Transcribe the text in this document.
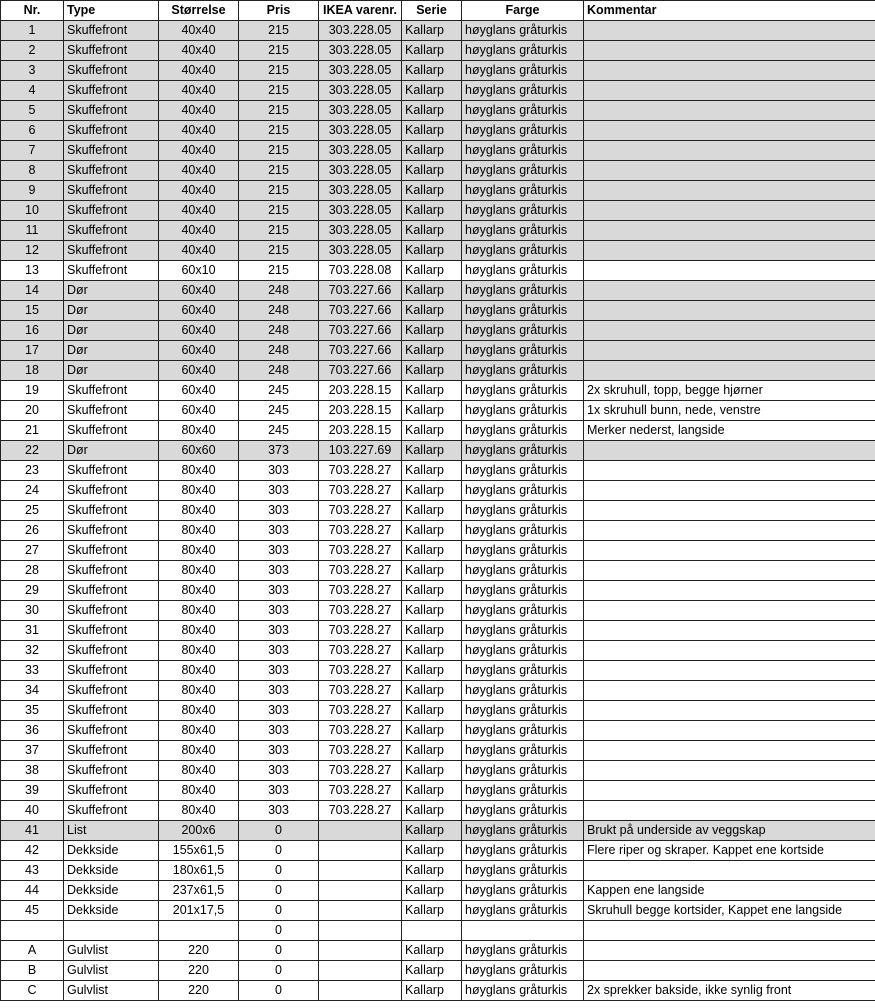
Nr.	Type	Størrelse	Pris	IKEA varenr.	Serie	Farge	Kommentar
1	Skuffefront	40x40	215	303.228.05	Kallarp	høyglans gråturkis	
2	Skuffefront	40x40	215	303.228.05	Kallarp	høyglans gråturkis	
3	Skuffefront	40x40	215	303.228.05	Kallarp	høyglans gråturkis	
4	Skuffefront	40x40	215	303.228.05	Kallarp	høyglans gråturkis	
5	Skuffefront	40x40	215	303.228.05	Kallarp	høyglans gråturkis	
6	Skuffefront	40x40	215	303.228.05	Kallarp	høyglans gråturkis	
7	Skuffefront	40x40	215	303.228.05	Kallarp	høyglans gråturkis	
8	Skuffefront	40x40	215	303.228.05	Kallarp	høyglans gråturkis	
9	Skuffefront	40x40	215	303.228.05	Kallarp	høyglans gråturkis	
10	Skuffefront	40x40	215	303.228.05	Kallarp	høyglans gråturkis	
11	Skuffefront	40x40	215	303.228.05	Kallarp	høyglans gråturkis	
12	Skuffefront	40x40	215	303.228.05	Kallarp	høyglans gråturkis	
13	Skuffefront	60x10	215	703.228.08	Kallarp	høyglans gråturkis	
14	Dør	60x40	248	703.227.66	Kallarp	høyglans gråturkis	
15	Dør	60x40	248	703.227.66	Kallarp	høyglans gråturkis	
16	Dør	60x40	248	703.227.66	Kallarp	høyglans gråturkis	
17	Dør	60x40	248	703.227.66	Kallarp	høyglans gråturkis	
18	Dør	60x40	248	703.227.66	Kallarp	høyglans gråturkis	
19	Skuffefront	60x40	245	203.228.15	Kallarp	høyglans gråturkis	2x skruhull, topp, begge hjørner
20	Skuffefront	60x40	245	203.228.15	Kallarp	høyglans gråturkis	1x skruhull bunn, nede, venstre
21	Skuffefront	80x40	245	203.228.15	Kallarp	høyglans gråturkis	Merker nederst, langside
22	Dør	60x60	373	103.227.69	Kallarp	høyglans gråturkis	
23	Skuffefront	80x40	303	703.228.27	Kallarp	høyglans gråturkis	
24	Skuffefront	80x40	303	703.228.27	Kallarp	høyglans gråturkis	
25	Skuffefront	80x40	303	703.228.27	Kallarp	høyglans gråturkis	
26	Skuffefront	80x40	303	703.228.27	Kallarp	høyglans gråturkis	
27	Skuffefront	80x40	303	703.228.27	Kallarp	høyglans gråturkis	
28	Skuffefront	80x40	303	703.228.27	Kallarp	høyglans gråturkis	
29	Skuffefront	80x40	303	703.228.27	Kallarp	høyglans gråturkis	
30	Skuffefront	80x40	303	703.228.27	Kallarp	høyglans gråturkis	
31	Skuffefront	80x40	303	703.228.27	Kallarp	høyglans gråturkis	
32	Skuffefront	80x40	303	703.228.27	Kallarp	høyglans gråturkis	
33	Skuffefront	80x40	303	703.228.27	Kallarp	høyglans gråturkis	
34	Skuffefront	80x40	303	703.228.27	Kallarp	høyglans gråturkis	
35	Skuffefront	80x40	303	703.228.27	Kallarp	høyglans gråturkis	
36	Skuffefront	80x40	303	703.228.27	Kallarp	høyglans gråturkis	
37	Skuffefront	80x40	303	703.228.27	Kallarp	høyglans gråturkis	
38	Skuffefront	80x40	303	703.228.27	Kallarp	høyglans gråturkis	
39	Skuffefront	80x40	303	703.228.27	Kallarp	høyglans gråturkis	
40	Skuffefront	80x40	303	703.228.27	Kallarp	høyglans gråturkis	
41	List	200x6	0		Kallarp	høyglans gråturkis	Brukt på underside av veggskap
42	Dekkside	155x61,5	0		Kallarp	høyglans gråturkis	Flere riper og skraper. Kappet ene kortside
43	Dekkside	180x61,5	0		Kallarp	høyglans gråturkis	
44	Dekkside	237x61,5	0		Kallarp	høyglans gråturkis	Kappen ene langside
45	Dekkside	201x17,5	0		Kallarp	høyglans gråturkis	Skruhull begge kortsider, Kappet ene langside
			0				
A	Gulvlist	220	0		Kallarp	høyglans gråturkis	
B	Gulvlist	220	0		Kallarp	høyglans gråturkis	
C	Gulvlist	220	0		Kallarp	høyglans gråturkis	2x sprekker bakside, ikke synlig front
